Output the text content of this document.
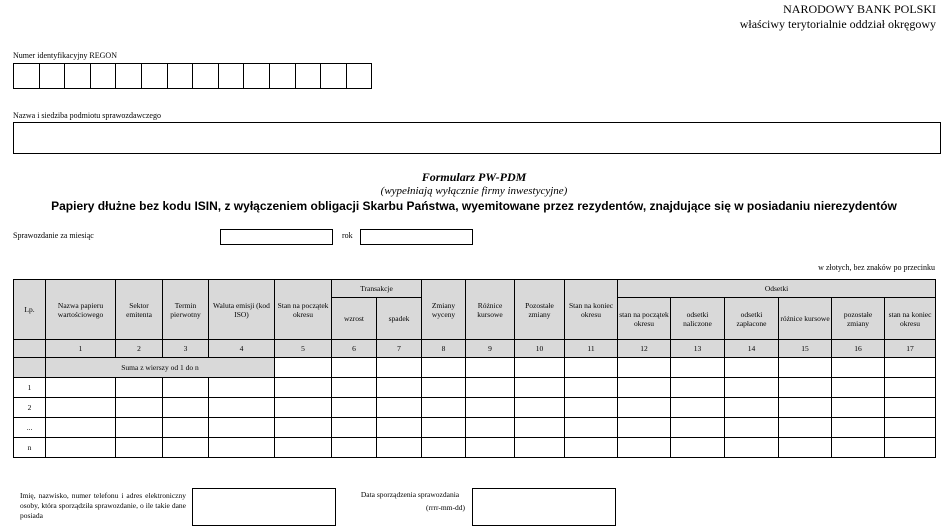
NARODOWY BANK POLSKI
właściwy terytorialnie oddział okręgowy
Numer identyfikacyjny REGON
Nazwa i siedziba podmiotu sprawozdawczego
Formularz PW-PDM
(wypełniają wyłącznie firmy inwestycyjne)
Papiery dłużne bez kodu ISIN, z wyłączeniem obligacji Skarbu Państwa, wyemitowane przez rezydentów, znajdujące się w posiadaniu nierezydentów
Sprawozdanie za miesiąc	rok
w złotych, bez znaków po przecinku
Lp.	Nazwa papieru wartościowego	Sektor emitenta	Termin pierwotny	Waluta emisji (kod ISO)	Stan na początek okresu	Transakcje		Zmiany wyceny	Różnice kursowe	Pozostałe zmiany	Stan na koniec okresu	Odsetki					
						wzrost	spadek					stan na początek okresu	odsetki naliczone	odsetki zapłacone	różnice kursowe	pozostałe zmiany	stan na koniec okresu
	1	2	3	4	5	6	7	8	9	10	11	12	13	14	15	16	17
	Suma z wierszy od 1 do n																
1																	
2																	
...																	
n																	
Imię, nazwisko, numer telefonu i adres elektroniczny osoby, która sporządziła sprawozdanie, o ile takie dane posiada
Data sporządzenia sprawozdania
(rrrr-mm-dd)
